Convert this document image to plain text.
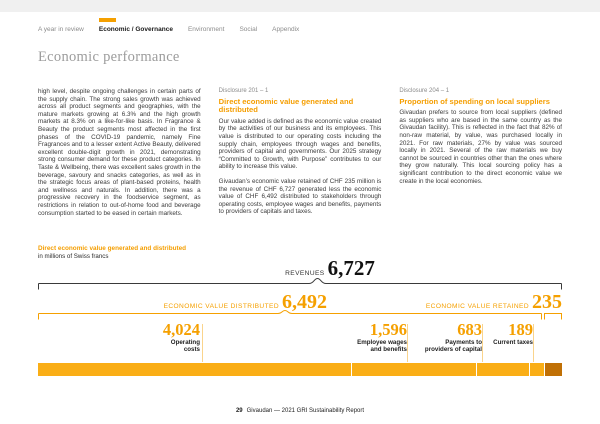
A year in review Economic / Governance Environment Social Appendix
Economic performance

high level, despite ongoing challenges in certain parts of the supply chain. The strong sales growth was achieved across all product segments and geographies, with the mature markets growing at 6.3% and the high growth markets at 8.3% on a like-for-like basis. In Fragrance & Beauty the product segments most affected in the first phases of the COVID-19 pandemic, namely Fine Fragrances and to a lesser extent Active Beauty, delivered excellent double-digit growth in 2021, demonstrating strong consumer demand for these product categories. In Taste & Wellbeing, there was excellent sales growth in the beverage, savoury and snacks categories, as well as in the strategic focus areas of plant-based proteins, health and wellness and naturals. In addition, there was a progressive recovery in the foodservice segment, as restrictions in relation to out-of-home food and beverage consumption started to be eased in certain markets.

Disclosure 201 – 1
Direct economic value generated and distributed

Our value added is defined as the economic value created by the activities of our business and its employees. This value is distributed to our operating costs including the supply chain, employees through wages and benefits, providers of capital and governments. Our 2025 strategy “Committed to Growth, with Purpose” contributes to our ability to increase this value.

Givaudan’s economic value retained of CHF 235 million is the revenue of CHF 6,727 generated less the economic value of CHF 6,492 distributed to stakeholders through operating costs, employee wages and benefits, payments to providers of capitals and taxes.

Disclosure 204 – 1
Proportion of spending on local suppliers

Givaudan prefers to source from local suppliers (defined as suppliers who are based in the same country as the Givaudan facility). This is reflected in the fact that 82% of non-raw material, by value, was purchased locally in 2021. For raw materials, 27% by value was sourced locally in 2021. Several of the raw materials we buy cannot be sourced in countries other than the ones where they grow naturally. This local sourcing policy has a significant contribution to the direct economic value we create in the local economies.

Direct economic value generated and distributed
in millions of Swiss francs
REVENUES 6,727
ECONOMIC VALUE DISTRIBUTED 6,492	ECONOMIC VALUE RETAINED 235
4,024
Operating costs
1,596
Employee wages and benefits
683
Payments to providers of capital
189
Current taxes
29 Givaudan — 2021 GRI Sustainability Report
